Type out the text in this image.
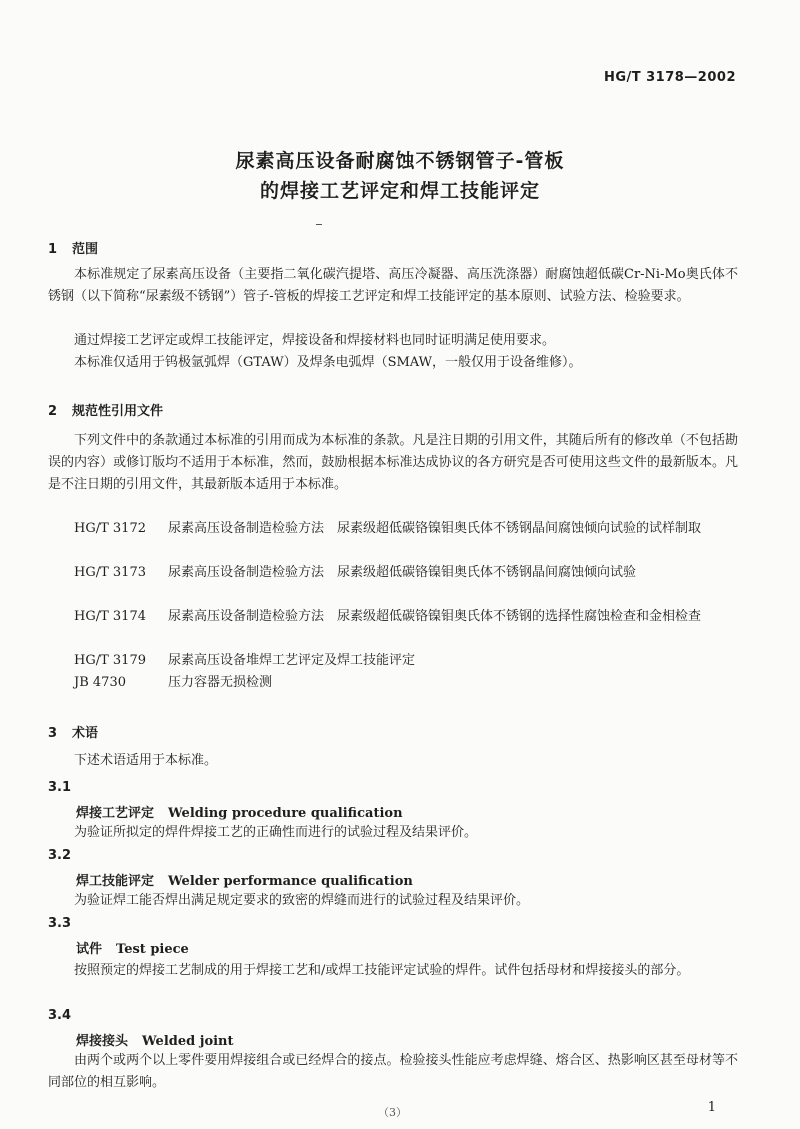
HG/T 3178—2002
尿素高压设备耐腐蚀不锈钢管子-管板
的焊接工艺评定和焊工技能评定
1 范围
本标准规定了尿素高压设备（主要指二氧化碳汽提塔、高压冷凝器、高压洗涤器）耐腐蚀超低碳Cr-Ni-Mo奥氏体不锈钢（以下简称“尿素级不锈钢”）管子-管板的焊接工艺评定和焊工技能评定的基本原则、试验方法、检验要求。
通过焊接工艺评定或焊工技能评定，焊接设备和焊接材料也同时证明满足使用要求。
本标准仅适用于钨极氩弧焊（GTAW）及焊条电弧焊（SMAW，一般仅用于设备维修）。
2 规范性引用文件
下列文件中的条款通过本标准的引用而成为本标准的条款。凡是注日期的引用文件，其随后所有的修改单（不包括勘误的内容）或修订版均不适用于本标准，然而，鼓励根据本标准达成协议的各方研究是否可使用这些文件的最新版本。凡是不注日期的引用文件，其最新版本适用于本标准。
HG/T 3172 尿素高压设备制造检验方法　尿素级超低碳铬镍钼奥氏体不锈钢晶间腐蚀倾向试验的试样制取
HG/T 3173 尿素高压设备制造检验方法　尿素级超低碳铬镍钼奥氏体不锈钢晶间腐蚀倾向试验
HG/T 3174 尿素高压设备制造检验方法　尿素级超低碳铬镍钼奥氏体不锈钢的选择性腐蚀检查和金相检查
HG/T 3179 尿素高压设备堆焊工艺评定及焊工技能评定
JB 4730	压力容器无损检测
3 术语
下述术语适用于本标准。
3.1
焊接工艺评定 Welding procedure qualification
为验证所拟定的焊件焊接工艺的正确性而进行的试验过程及结果评价。
3.2
焊工技能评定 Welder performance qualification
为验证焊工能否焊出满足规定要求的致密的焊缝而进行的试验过程及结果评价。
3.3
试件 Test piece
按照预定的焊接工艺制成的用于焊接工艺和/或焊工技能评定试验的焊件。试件包括母材和焊接接头的部分。
3.4
焊接接头 Welded joint
由两个或两个以上零件要用焊接组合或已经焊合的接点。检验接头性能应考虑焊缝、熔合区、热影响区甚至母材等不同部位的相互影响。
（3）	1
